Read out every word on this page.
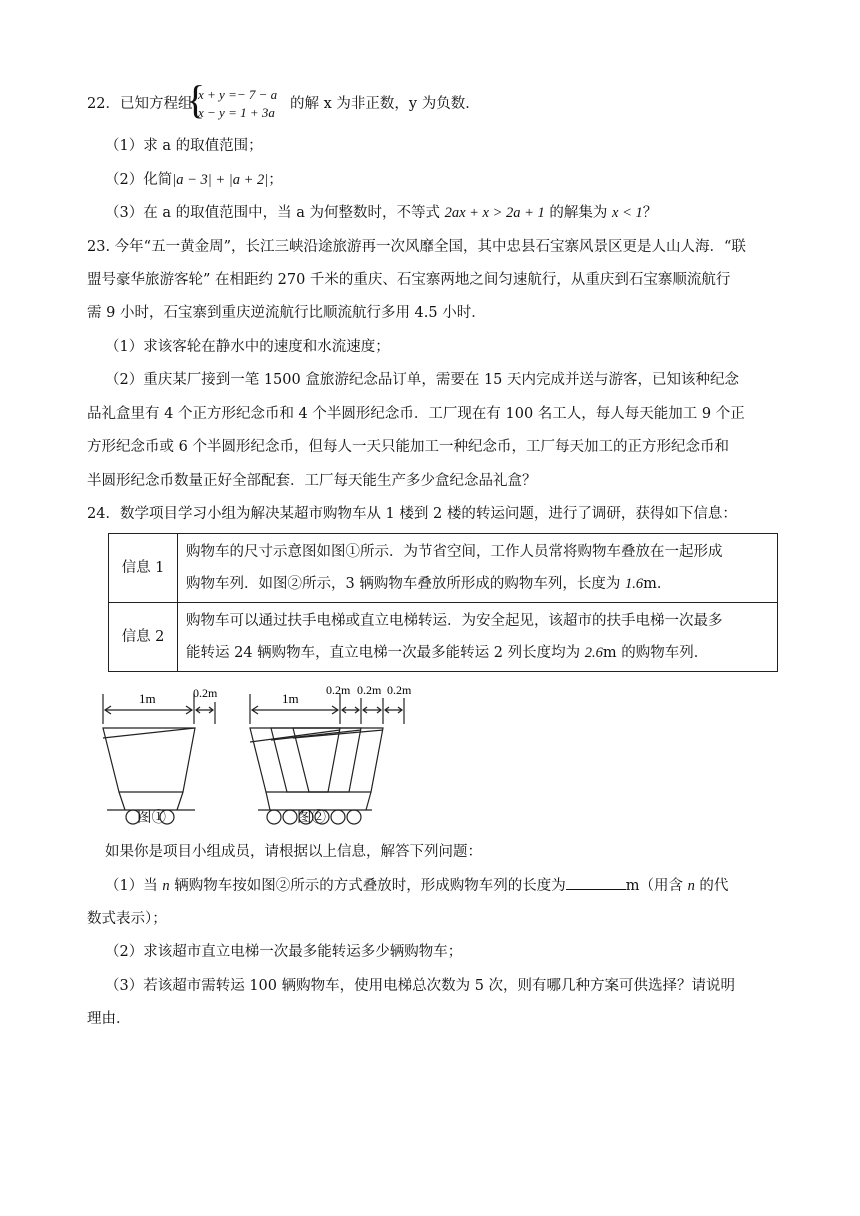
22．已知方程组
{
x + y =− 7 − a
x − y = 1 + 3a
的解 x 为非正数，y 为负数．
（1）求 a 的取值范围；
（2）化简|a − 3| + |a + 2|；
（3）在 a 的取值范围中，当 a 为何整数时，不等式 2ax + x > 2a + 1 的解集为 x < 1？
23. 今年“五一黄金周”，长江三峡沿途旅游再一次风靡全国，其中忠县石宝寨风景区更是人山人海．“联
盟号豪华旅游客轮” 在相距约 270 千米的重庆、石宝寨两地之间匀速航行，从重庆到石宝寨顺流航行
需 9 小时，石宝寨到重庆逆流航行比顺流航行多用 4.5 小时．
（1）求该客轮在静水中的速度和水流速度；
（2）重庆某厂接到一笔 1500 盒旅游纪念品订单，需要在 15 天内完成并送与游客，已知该种纪念
品礼盒里有 4 个正方形纪念币和 4 个半圆形纪念币．工厂现在有 100 名工人，每人每天能加工 9 个正
方形纪念币或 6 个半圆形纪念币，但每人一天只能加工一种纪念币，工厂每天加工的正方形纪念币和
半圆形纪念币数量正好全部配套．工厂每天能生产多少盒纪念品礼盒？
24．数学项目学习小组为解决某超市购物车从 1 楼到 2 楼的转运问题，进行了调研，获得如下信息：
信息 1	购物车的尺寸示意图如图①所示．为节省空间，工作人员常将购物车叠放在一起形成
购物车列．如图②所示，3 辆购物车叠放所形成的购物车列，长度为 1.6m．

信息 2	购物车可以通过扶手电梯或直立电梯转运．为安全起见，该超市的扶手电梯一次最多
能转运 24 辆购物车，直立电梯一次最多能转运 2 列长度均为 2.6m 的购物车列．
1m	0.2m
图①
1m
0.2m 0.2m 0.2m
图②
如果你是项目小组成员，请根据以上信息，解答下列问题：
（1）当 n 辆购物车按如图②所示的方式叠放时，形成购物车列的长度为	m（用含 n 的代
数式表示）；
（2）求该超市直立电梯一次最多能转运多少辆购物车；
（3）若该超市需转运 100 辆购物车，使用电梯总次数为 5 次，则有哪几种方案可供选择？请说明
理由．
